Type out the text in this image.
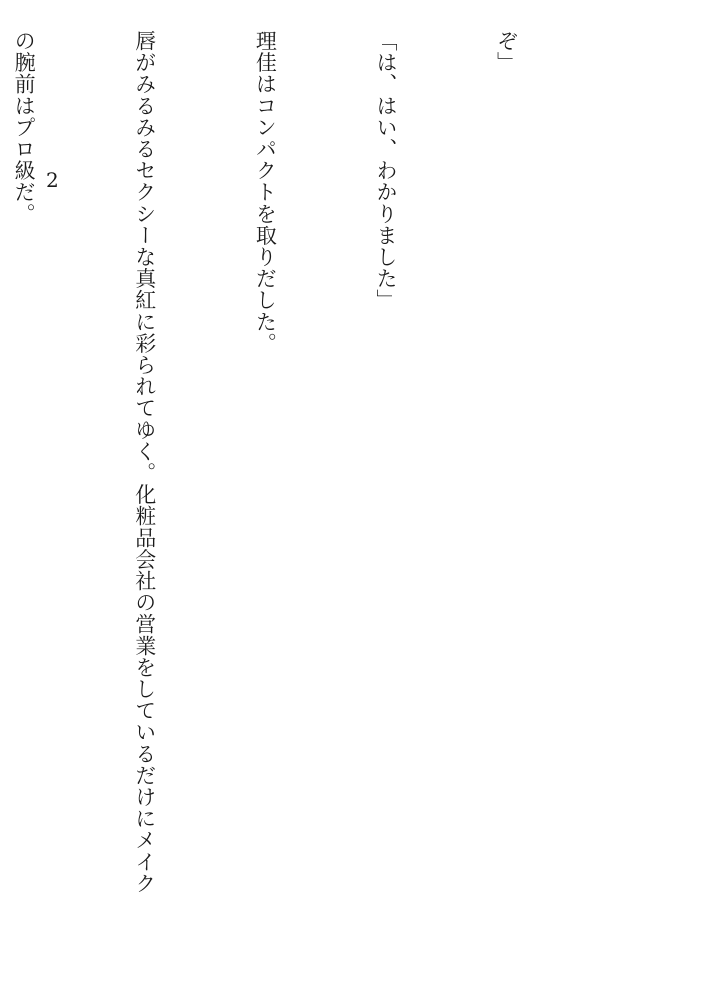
ぞ」

「は、はい、わかりました」

理佳はコンパクトを取りだした。

唇がみるみるセクシーな真紅に彩られてゆく。化粧品会社の営業をしているだけにメイク

の腕前はプロ級だ。

2
